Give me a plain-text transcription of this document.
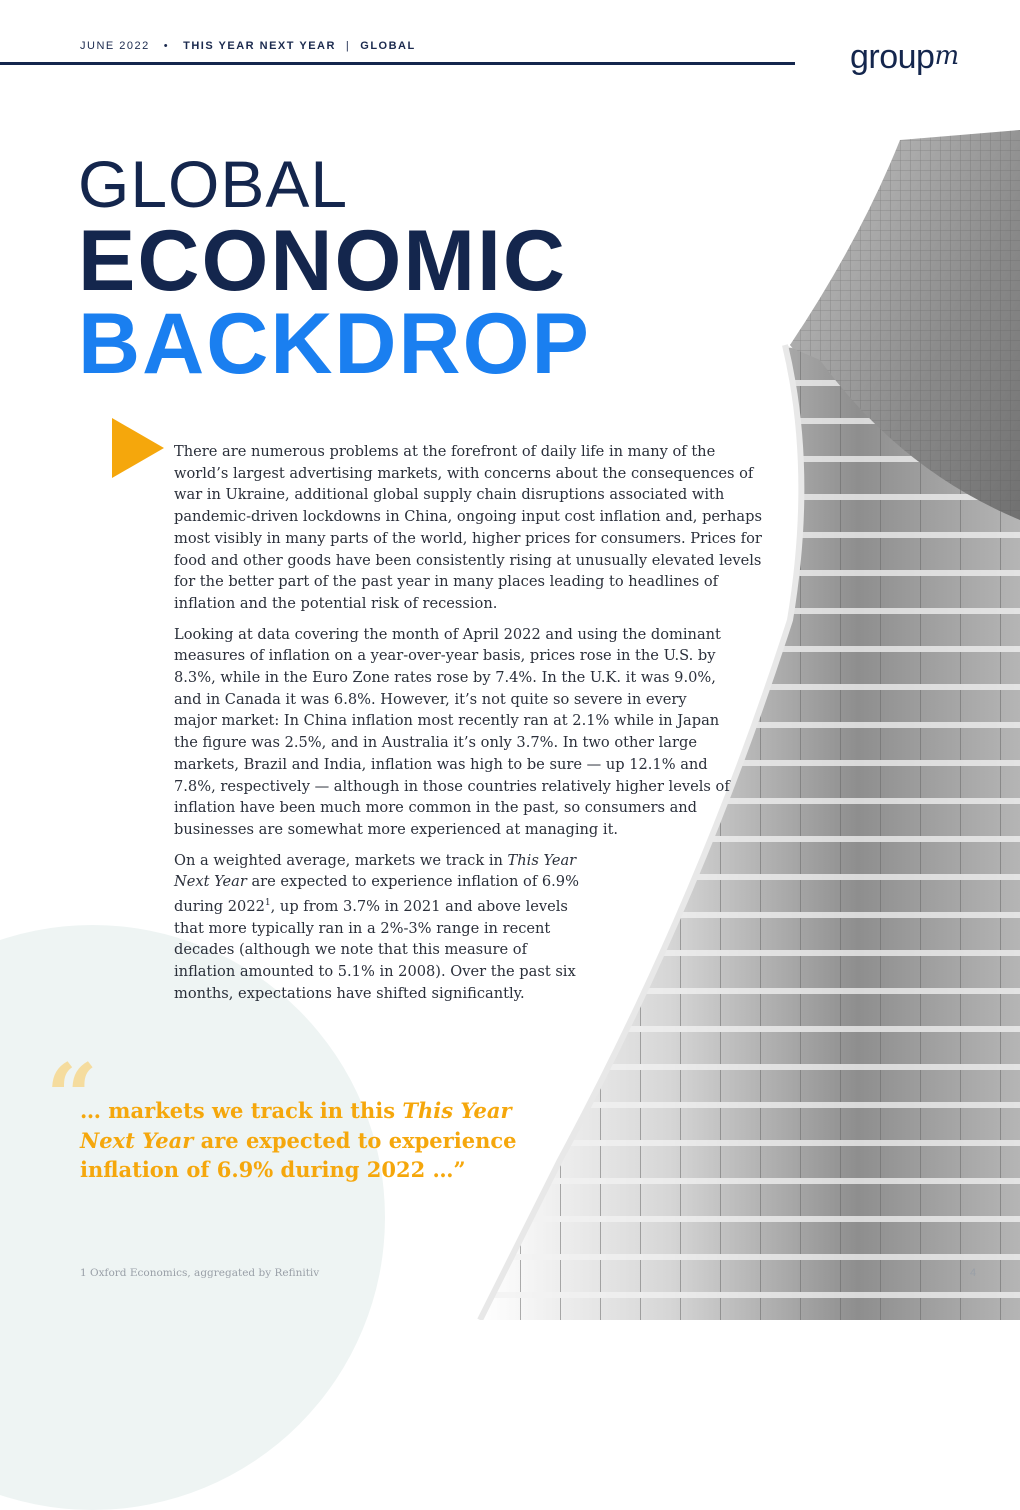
JUNE 2022 • THIS YEAR NEXT YEAR | GLOBAL	group$^m$
GLOBAL
ECONOMIC
BACKDROP

There are numerous problems at the forefront of daily life in many of the world’s largest advertising markets, with concerns about the consequences of war in Ukraine, additional global supply chain disruptions associated with pandemic-driven lockdowns in China, ongoing input cost inflation and, perhaps most visibly in many parts of the world, higher prices for consumers. Prices for food and other goods have been consistently rising at unusually elevated levels for the better part of the past year in many places leading to headlines of inflation and the potential risk of recession.

Looking at data covering the month of April 2022 and using the dominant measures of inflation on a year-over-year basis, prices rose in the U.S. by 8.3%, while in the Euro Zone rates rose by 7.4%. In the U.K. it was 9.0%, and in Canada it was 6.8%. However, it’s not quite so severe in every major market: In China inflation most recently ran at 2.1% while in Japan the figure was 2.5%, and in Australia it’s only 3.7%. In two other large markets, Brazil and India, inflation was high to be sure — up 12.1% and 7.8%, respectively — although in those countries relatively higher levels of inflation have been much more common in the past, so consumers and businesses are somewhat more experienced at managing it.

On a weighted average, markets we track in This Year Next Year are expected to experience inflation of 6.9% during 2022$^1$, up from 3.7% in 2021 and above levels that more typically ran in a 2%-3% range in recent decades (although we note that this measure of inflation amounted to 5.1% in 2008). Over the past six months, expectations have shifted significantly.

“
… markets we track in this This Year Next Year are expected to experience inflation of 6.9% during 2022 …”
1 Oxford Economics, aggregated by Refinitiv	4
